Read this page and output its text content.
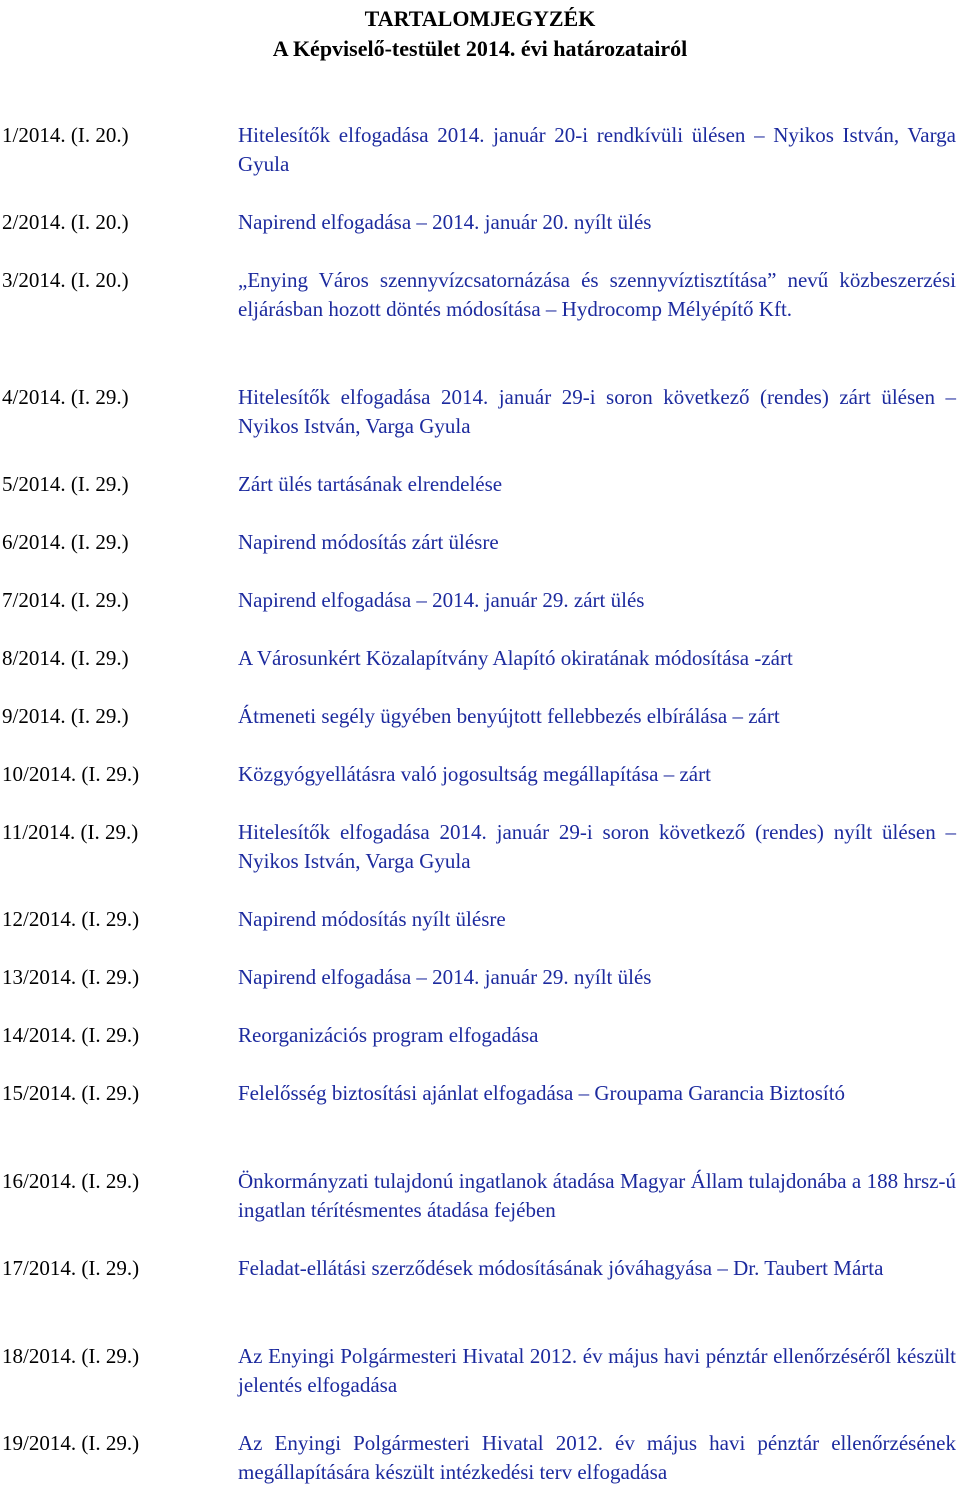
TARTALOMJEGYZÉK
A Képviselő-testület 2014. évi határozatairól
1/2014. (I. 20.)	Hitelesítők elfogadása 2014. január 20-i rendkívüli ülésen – Nyikos István, Varga Gyula
2/2014. (I. 20.)	Napirend elfogadása – 2014. január 20. nyílt ülés
3/2014. (I. 20.)	„Enying Város szennyvízcsatornázása és szennyvíztisztítása” nevű közbeszerzési eljárásban hozott döntés módosítása – Hydrocomp Mélyépítő Kft.
4/2014. (I. 29.)	Hitelesítők elfogadása 2014. január 29-i soron következő (rendes) zárt ülésen – Nyikos István, Varga Gyula
5/2014. (I. 29.)	Zárt ülés tartásának elrendelése
6/2014. (I. 29.)	Napirend módosítás zárt ülésre
7/2014. (I. 29.)	Napirend elfogadása – 2014. január 29. zárt ülés
8/2014. (I. 29.)	A Városunkért Közalapítvány Alapító okiratának módosítása -zárt
9/2014. (I. 29.)	Átmeneti segély ügyében benyújtott fellebbezés elbírálása – zárt
10/2014. (I. 29.)	Közgyógyellátásra való jogosultság megállapítása – zárt
11/2014. (I. 29.)	Hitelesítők elfogadása 2014. január 29-i soron következő (rendes) nyílt ülésen – Nyikos István, Varga Gyula
12/2014. (I. 29.)	Napirend módosítás nyílt ülésre
13/2014. (I. 29.)	Napirend elfogadása – 2014. január 29. nyílt ülés
14/2014. (I. 29.)	Reorganizációs program elfogadása
15/2014. (I. 29.)	Felelősség biztosítási ajánlat elfogadása – Groupama Garancia Biztosító
16/2014. (I. 29.)	Önkormányzati tulajdonú ingatlanok átadása Magyar Állam tulajdonába a 188 hrsz-ú ingatlan térítésmentes átadása fejében
17/2014. (I. 29.)	Feladat-ellátási szerződések módosításának jóváhagyása – Dr. Taubert Márta
18/2014. (I. 29.)	Az Enyingi Polgármesteri Hivatal 2012. év május havi pénztár ellenőrzéséről készült jelentés elfogadása
19/2014. (I. 29.)	Az Enyingi Polgármesteri Hivatal 2012. év május havi pénztár ellenőrzésének megállapítására készült intézkedési terv elfogadása
